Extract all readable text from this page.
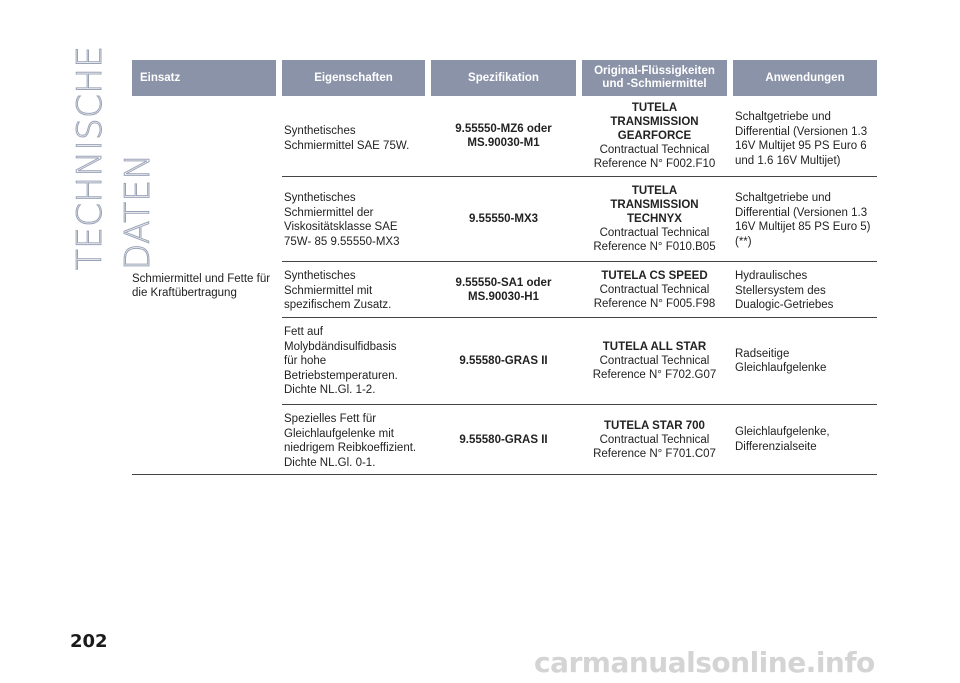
TECHNISCHE DATEN
Einsatz	Eigenschaften	Spezifikation
Original-Flüssigkeiten und -Schmiermittel
Anwendungen
Schmiermittel und Fette für die Kraftübertragung
Synthetisches Schmiermittel SAE 75W.
9.55550-MZ6 oder MS.90030-M1
TUTELA
TRANSMISSION
GEARFORCE
Contractual Technical
Reference N° F002.F10
Schaltgetriebe und Differential (Versionen 1.3 16V Multijet 95 PS Euro 6 und 1.6 16V Multijet)
Synthetisches Schmiermittel der Viskositätsklasse SAE 75W- 85 9.55550-MX3
9.55550-MX3
TUTELA
TRANSMISSION
TECHNYX
Contractual Technical
Reference N° F010.B05
Schaltgetriebe und Differential (Versionen 1.3 16V Multijet 85 PS Euro 5) (**)
Synthetisches Schmiermittel mit spezifischem Zusatz.
9.55550-SA1 oder MS.90030-H1
TUTELA CS SPEED
Contractual Technical
Reference N° F005.F98
Hydraulisches Stellersystem des Dualogic-Getriebes
Fett auf
Molybdändisulfidbasis
für hohe
Betriebstemperaturen.
Dichte NL.Gl. 1-2.
9.55580-GRAS II
TUTELA ALL STAR
Contractual Technical
Reference N° F702.G07
Radseitige
Gleichlaufgelenke
Spezielles Fett für
Gleichlaufgelenke mit
niedrigem Reibkoeffizient.
Dichte NL.Gl. 0-1.
9.55580-GRAS II
TUTELA STAR 700
Contractual Technical
Reference N° F701.C07
Gleichlaufgelenke,
Differenzialseite
202
carmanualsonline.info
